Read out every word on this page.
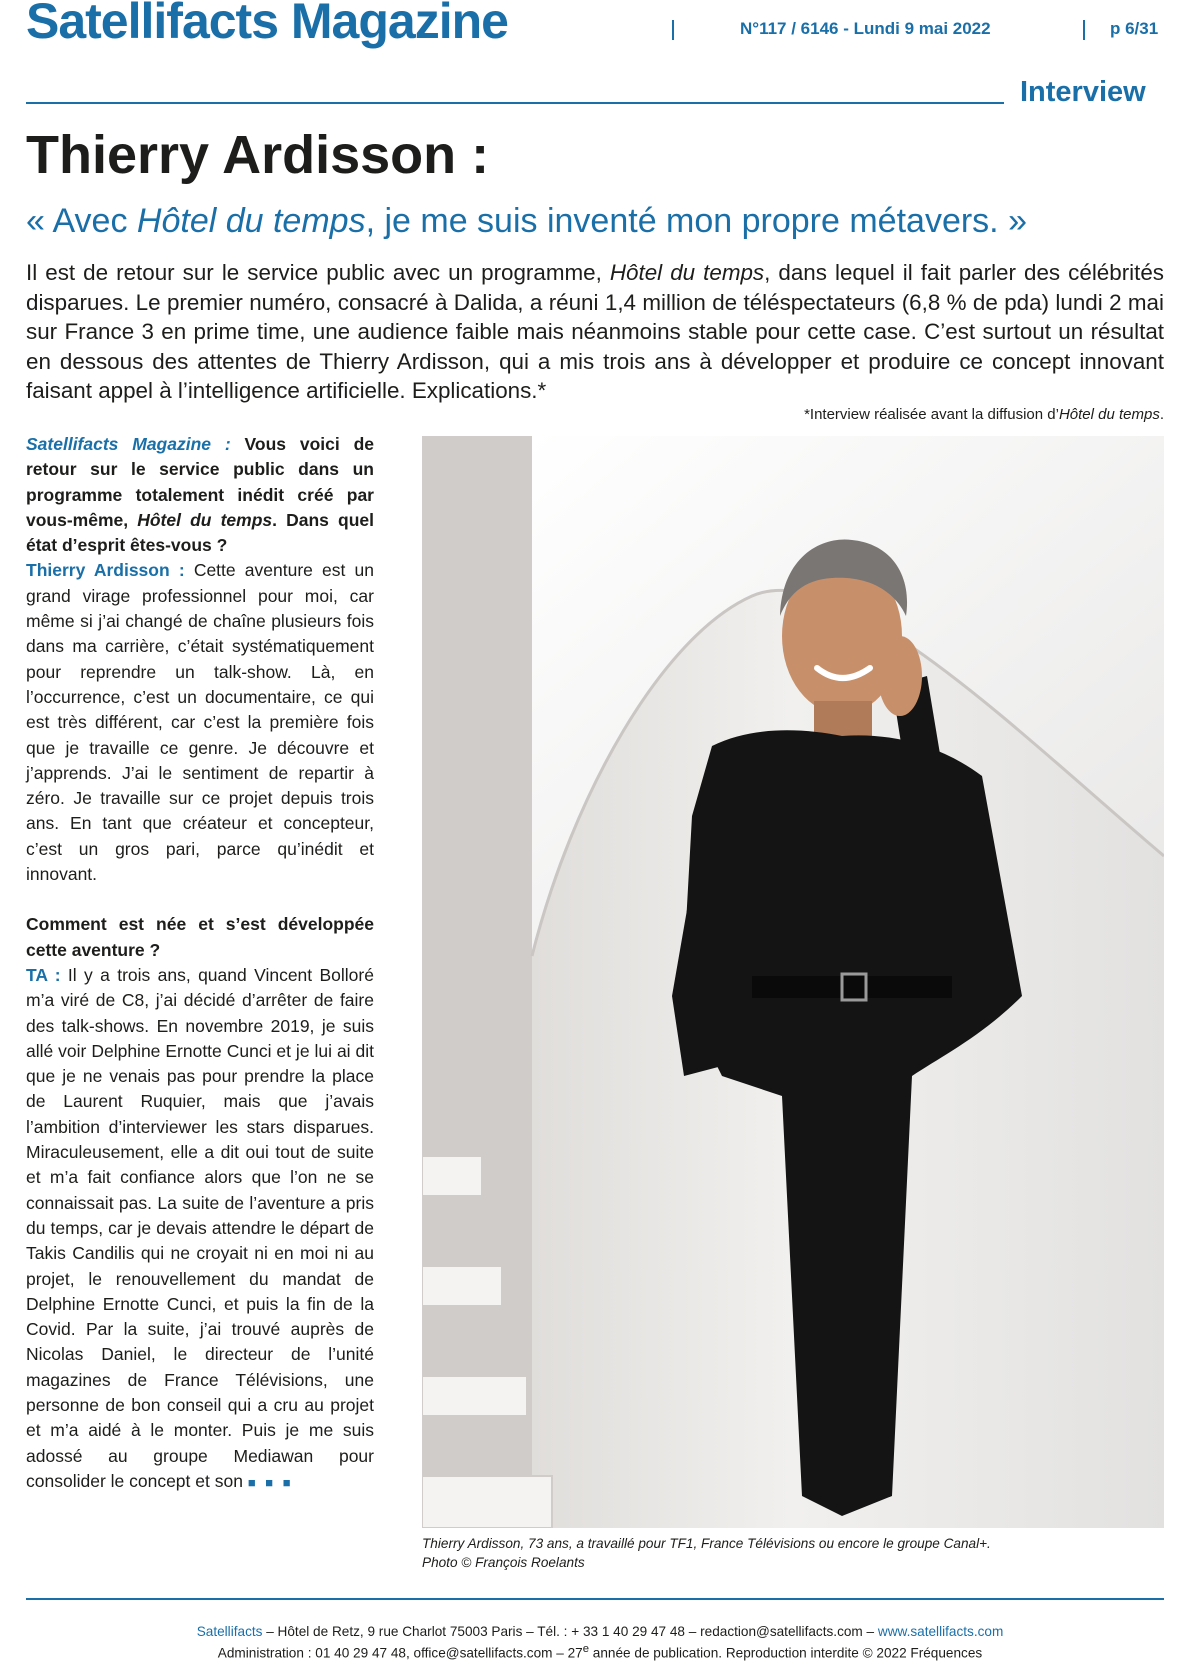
Satellifacts Magazine	N°117 / 6146 - Lundi 9 mai 2022	p 6/31
Interview
Thierry Ardisson :
« Avec Hôtel du temps, je me suis inventé mon propre métavers. »
Il est de retour sur le service public avec un programme, Hôtel du temps, dans lequel il fait parler des célébrités disparues. Le premier numéro, consacré à Dalida, a réuni 1,4 million de téléspectateurs (6,8 % de pda) lundi 2 mai sur France 3 en prime time, une audience faible mais néanmoins stable pour cette case. C’est surtout un résultat en dessous des attentes de Thierry Ardisson, qui a mis trois ans à développer et produire ce concept innovant faisant appel à l’intelligence artificielle. Explications.*
*Interview réalisée avant la diffusion d’Hôtel du temps.

Satellifacts Magazine : Vous voici de retour sur le service public dans un programme totalement inédit créé par vous-même, Hôtel du temps. Dans quel état d’esprit êtes-vous ?

Thierry Ardisson : Cette aventure est un grand virage professionnel pour moi, car même si j’ai changé de chaîne plusieurs fois dans ma carrière, c’était systématiquement pour reprendre un talk-show. Là, en l’occurrence, c’est un documentaire, ce qui est très différent, car c’est la première fois que je travaille ce genre. Je découvre et j’apprends. J’ai le sentiment de repartir à zéro. Je travaille sur ce projet depuis trois ans. En tant que créateur et concepteur, c’est un gros pari, parce qu’inédit et innovant.

Comment est née et s’est développée cette aventure ?

TA : Il y a trois ans, quand Vincent Bolloré m’a viré de C8, j’ai décidé d’arrêter de faire des talk-shows. En novembre 2019, je suis allé voir Delphine Ernotte Cunci et je lui ai dit que je ne venais pas pour prendre la place de Laurent Ruquier, mais que j’avais l’ambition d’interviewer les stars disparues. Miraculeusement, elle a dit oui tout de suite et m’a fait confiance alors que l’on ne se connaissait pas. La suite de l’aventure a pris du temps, car je devais attendre le départ de Takis Candilis qui ne croyait ni en moi ni au projet, le renouvellement du mandat de Delphine Ernotte Cunci, et puis la fin de la Covid. Par la suite, j’ai trouvé auprès de Nicolas Daniel, le directeur de l’unité magazines de France Télévisions, une personne de bon conseil qui a cru au projet et m’a aidé à le monter. Puis je me suis adossé au groupe Mediawan pour consolider le concept et son ■ ■ ■

Thierry Ardisson, 73 ans, a travaillé pour TF1, France Télévisions ou encore le groupe Canal+.
Photo © François Roelants
Satellifacts – Hôtel de Retz, 9 rue Charlot 75003 Paris – Tél. : + 33 1 40 29 47 48 – redaction@satellifacts.com – www.satellifacts.com
Administration : 01 40 29 47 48, office@satellifacts.com – 27e année de publication. Reproduction interdite © 2022 Fréquences
